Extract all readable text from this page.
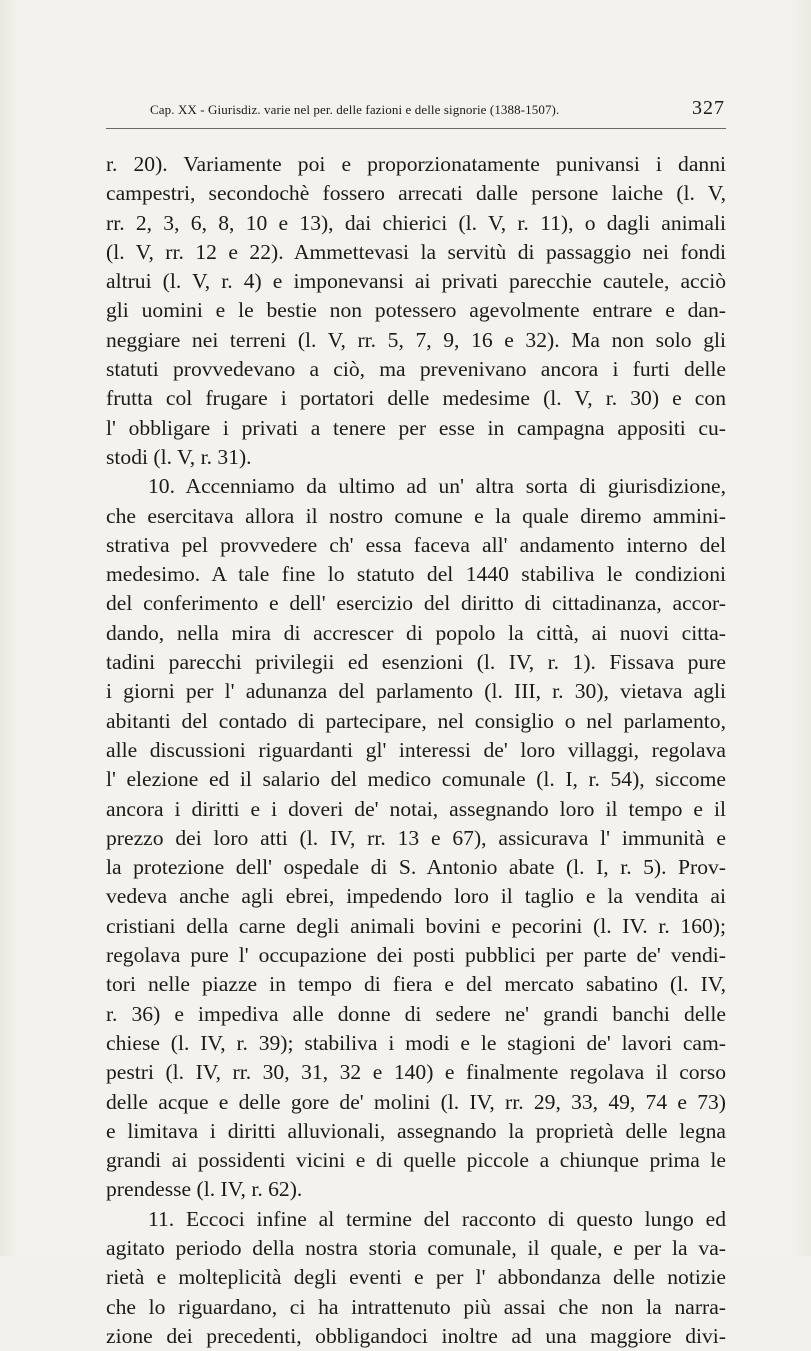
Cap. XX - Giurisdiz. varie nel per. delle fazioni e delle signorie (1388-1507).	327
r. 20). Variamente poi e proporzionatamente punivansi i danni
campestri, secondochè fossero arrecati dalle persone laiche (l. V,
rr. 2, 3, 6, 8, 10 e 13), dai chierici (l. V, r. 11), o dagli animali
(l. V, rr. 12 e 22). Ammettevasi la servitù di passaggio nei fondi
altrui (l. V, r. 4) e imponevansi ai privati parecchie cautele, acciò
gli uomini e le bestie non potessero agevolmente entrare e dan-
neggiare nei terreni (l. V, rr. 5, 7, 9, 16 e 32). Ma non solo gli
statuti provvedevano a ciò, ma prevenivano ancora i furti delle
frutta col frugare i portatori delle medesime (l. V, r. 30) e con
l' obbligare i privati a tenere per esse in campagna appositi cu-
stodi (l. V, r. 31).
10. Accenniamo da ultimo ad un' altra sorta di giurisdizione,
che esercitava allora il nostro comune e la quale diremo ammini-
strativa pel provvedere ch' essa faceva all' andamento interno del
medesimo. A tale fine lo statuto del 1440 stabiliva le condizioni
del conferimento e dell' esercizio del diritto di cittadinanza, accor-
dando, nella mira di accrescer di popolo la città, ai nuovi citta-
tadini parecchi privilegii ed esenzioni (l. IV, r. 1). Fissava pure
i giorni per l' adunanza del parlamento (l. III, r. 30), vietava agli
abitanti del contado di partecipare, nel consiglio o nel parlamento,
alle discussioni riguardanti gl' interessi de' loro villaggi, regolava
l' elezione ed il salario del medico comunale (l. I, r. 54), siccome
ancora i diritti e i doveri de' notai, assegnando loro il tempo e il
prezzo dei loro atti (l. IV, rr. 13 e 67), assicurava l' immunità e
la protezione dell' ospedale di S. Antonio abate (l. I, r. 5). Prov-
vedeva anche agli ebrei, impedendo loro il taglio e la vendita ai
cristiani della carne degli animali bovini e pecorini (l. IV. r. 160);
regolava pure l' occupazione dei posti pubblici per parte de' vendi-
tori nelle piazze in tempo di fiera e del mercato sabatino (l. IV,
r. 36) e impediva alle donne di sedere ne' grandi banchi delle
chiese (l. IV, r. 39); stabiliva i modi e le stagioni de' lavori cam-
pestri (l. IV, rr. 30, 31, 32 e 140) e finalmente regolava il corso
delle acque e delle gore de' molini (l. IV, rr. 29, 33, 49, 74 e 73)
e limitava i diritti alluvionali, assegnando la proprietà delle legna
grandi ai possidenti vicini e di quelle piccole a chiunque prima le
prendesse (l. IV, r. 62).
11. Eccoci infine al termine del racconto di questo lungo ed
agitato periodo della nostra storia comunale, il quale, e per la va-
rietà e molteplicità degli eventi e per l' abbondanza delle notizie
che lo riguardano, ci ha intrattenuto più assai che non la narra-
zione dei precedenti, obbligandoci inoltre ad una maggiore divi-
